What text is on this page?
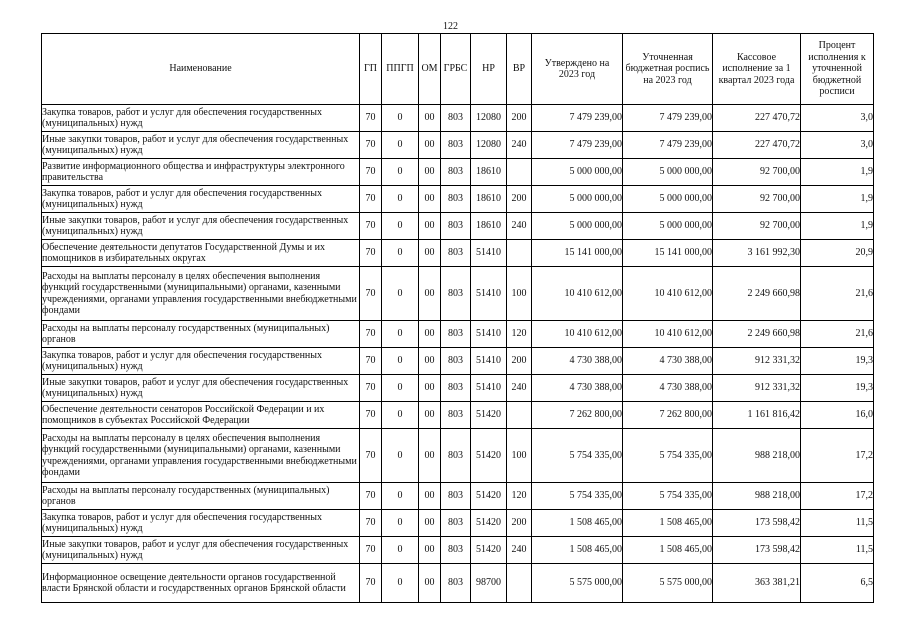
122
Наименование	ГП	ППГП	ОМ	ГРБС	НР	ВР	Утверждено на 2023 год	Уточненная бюджетная роспись на 2023 год	Кассовое исполнение за 1 квартал 2023 года	Процент исполнения к уточненной бюджетной росписи
Закупка товаров, работ и услуг для обеспечения государственных (муниципальных) нужд	70	0	00	803	12080	200	7 479 239,00	7 479 239,00	227 470,72	3,0
Иные закупки товаров, работ и услуг для обеспечения государственных (муниципальных) нужд	70	0	00	803	12080	240	7 479 239,00	7 479 239,00	227 470,72	3,0
Развитие информационного общества и инфраструктуры электронного правительства	70	0	00	803	18610		5 000 000,00	5 000 000,00	92 700,00	1,9
Закупка товаров, работ и услуг для обеспечения государственных (муниципальных) нужд	70	0	00	803	18610	200	5 000 000,00	5 000 000,00	92 700,00	1,9
Иные закупки товаров, работ и услуг для обеспечения государственных (муниципальных) нужд	70	0	00	803	18610	240	5 000 000,00	5 000 000,00	92 700,00	1,9
Обеспечение деятельности депутатов Государственной Думы и их помощников в избирательных округах	70	0	00	803	51410		15 141 000,00	15 141 000,00	3 161 992,30	20,9
Расходы на выплаты персоналу в целях обеспечения выполнения функций государственными (муниципальными) органами, казенными учреждениями, органами управления государственными внебюджетными фондами	70	0	00	803	51410	100	10 410 612,00	10 410 612,00	2 249 660,98	21,6
Расходы на выплаты персоналу государственных (муниципальных) органов	70	0	00	803	51410	120	10 410 612,00	10 410 612,00	2 249 660,98	21,6
Закупка товаров, работ и услуг для обеспечения государственных (муниципальных) нужд	70	0	00	803	51410	200	4 730 388,00	4 730 388,00	912 331,32	19,3
Иные закупки товаров, работ и услуг для обеспечения государственных (муниципальных) нужд	70	0	00	803	51410	240	4 730 388,00	4 730 388,00	912 331,32	19,3
Обеспечение деятельности сенаторов Российской Федерации и их помощников в субъектах Российской Федерации	70	0	00	803	51420		7 262 800,00	7 262 800,00	1 161 816,42	16,0
Расходы на выплаты персоналу в целях обеспечения выполнения функций государственными (муниципальными) органами, казенными учреждениями, органами управления государственными внебюджетными фондами	70	0	00	803	51420	100	5 754 335,00	5 754 335,00	988 218,00	17,2
Расходы на выплаты персоналу государственных (муниципальных) органов	70	0	00	803	51420	120	5 754 335,00	5 754 335,00	988 218,00	17,2
Закупка товаров, работ и услуг для обеспечения государственных (муниципальных) нужд	70	0	00	803	51420	200	1 508 465,00	1 508 465,00	173 598,42	11,5
Иные закупки товаров, работ и услуг для обеспечения государственных (муниципальных) нужд	70	0	00	803	51420	240	1 508 465,00	1 508 465,00	173 598,42	11,5
Информационное освещение деятельности органов государственной власти Брянской области и государственных органов Брянской области	70	0	00	803	98700		5 575 000,00	5 575 000,00	363 381,21	6,5
